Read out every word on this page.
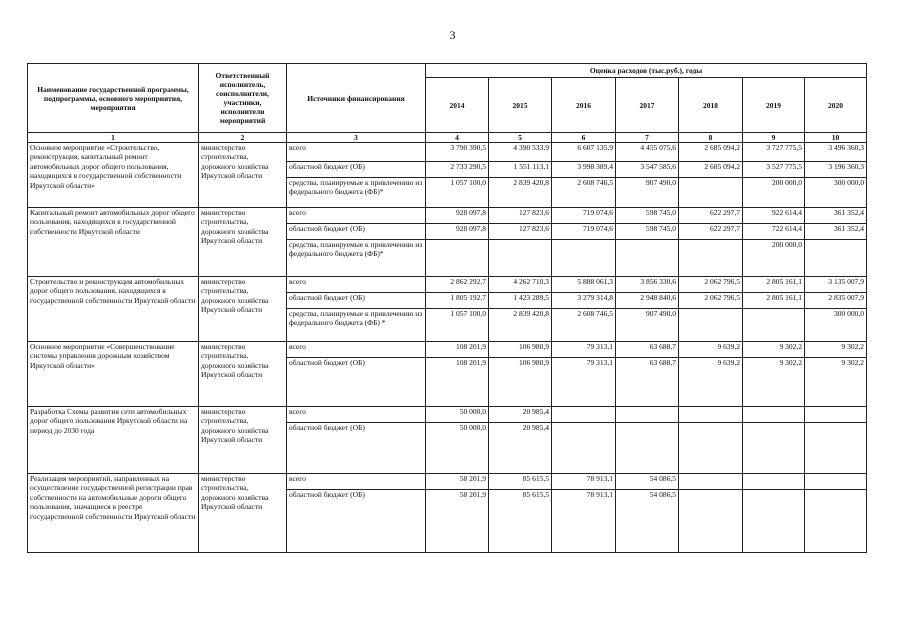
3
Наименование государственной программы, подпрограммы, основного мероприятия, мероприятия	Ответственный исполнитель, соисполнители, участники, исполнители мероприятий	Источники финансирования	Оценка расходов (тыс.руб.), годы						
			2014	2015	2016	2017	2018	2019	2020
1	2	3	4	5	6	7	8	9	10
Основное мероприятие «Строительство, реконструкция, капитальный ремонт автомобильных дорог общего пользования, находящихся в государственной собственности Иркутской области»	министерство строительства, дорожного хозяйства Иркутской области	всего	3 790 390,5	4 390 533,9	6 607 135,9	4 455 075,6	2 685 094,2	3 727 775,5	3 496 360,3
		областной бюджет (ОБ)	2 733 290,5	1 551 113,1	3 998 389,4	3 547 585,6	2 685 094,2	3 527 775,5	3 196 360,3
		средства, планируемые к привлечению из федерального бюджета (ФБ)*	1 057 100,0	2 839 420,8	2 608 746,5	907 490,0		200 000,0	300 000,0
Капитальный ремонт автомобильных дорог общего пользования, находящихся в государственной собственности Иркутской области	министерство строительства, дорожного хозяйства Иркутской области	всего	928 097,8	127 823,6	719 074,6	598 745,0	622 297,7	922 614,4	361 352,4
		областной бюджет (ОБ)	928 097,8	127 823,6	719 074,6	598 745,0	622 297,7	722 614,4	361 352,4
		средства, планируемые к привлечению из федерального бюджета (ФБ)*						200 000,0	
Строительство и реконструкция автомобильных дорог общего пользования, находящихся в государственной собственности Иркутской области	министерство строительства, дорожного хозяйства Иркутской области	всего	2 862 292,7	4 262 710,3	5 888 061,3	3 856 330,6	2 062 796,5	2 805 161,1	3 135 007,9
		областной бюджет (ОБ)	1 805 192,7	1 423 289,5	3 279 314,8	2 948 840,6	2 062 796,5	2 805 161,1	2 835 007,9
		средства, планируемые к привлечению из федерального бюджета (ФБ) *	1 057 100,0	2 839 420,8	2 608 746,5	907 490,0			300 000,0
Основное мероприятие «Совершенствование системы управления дорожным хозяйством Иркутской области»	министерство строительства, дорожного хозяйства Иркутской области	всего	108 201,9	106 980,9	79 313,1	63 688,7	9 639,2	9 302,2	9 302,2
		областной бюджет (ОБ)	108 201,9	106 980,9	79 313,1	63 688,7	9 639,2	9 302,2	9 302,2
Разработка Схемы развития сети автомобильных дорог общего пользования Иркутской области на период до 2030 года	министерство строительства, дорожного хозяйства Иркутской области	всего	50 000,0	20 985,4					
		областной бюджет (ОБ)	50 000,0	20 985,4					
Реализация мероприятий, направленных на осуществление государственной регистрации прав собственности на автомобильные дороги общего пользования, значащиеся в реестре государственной собственности Иркутской области	министерство строительства, дорожного хозяйства Иркутской области	всего	58 201,9	85 615,5	78 913,1	54 086,5			
		областной бюджет (ОБ)	58 201,9	85 615,5	78 913,1	54 086,5			
